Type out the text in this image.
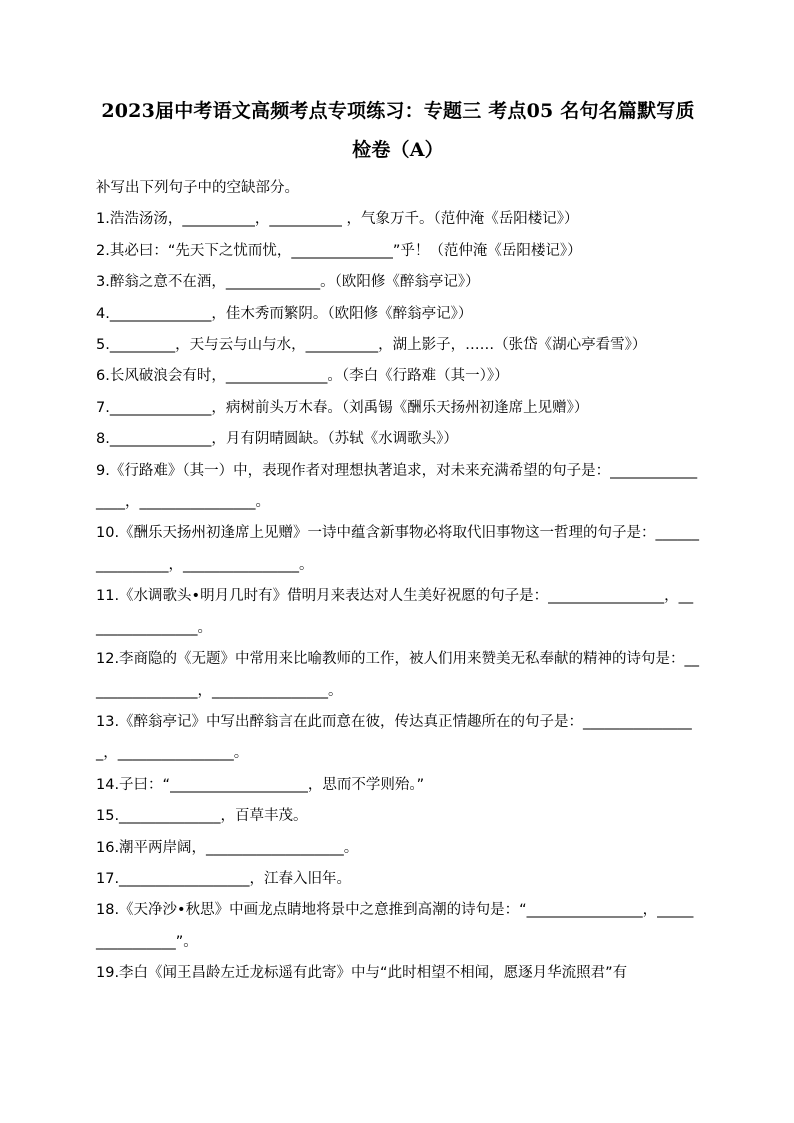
2023届中考语文高频考点专项练习：专题三 考点05 名句名篇默写质
检卷（A）

补写出下列句子中的空缺部分。

1.浩浩汤汤，__________，__________ ，气象万千。（范仲淹《岳阳楼记》）

2.其必曰：“先天下之忧而忧，______________”乎！（范仲淹《岳阳楼记》）

3.醉翁之意不在酒，_____________。（欧阳修《醉翁亭记》）

4.______________，佳木秀而繁阴。（欧阳修《醉翁亭记》）

5._________，天与云与山与水，__________，湖上影子，……（张岱《湖心亭看雪》）

6.长风破浪会有时，______________。（李白《行路难（其一）》）

7.______________，病树前头万木春。（刘禹锡《酬乐天扬州初逢席上见赠》）

8.______________，月有阴晴圆缺。（苏轼《水调歌头》）

9.《行路难》（其一）中，表现作者对理想执著追求，对未来充满希望的句子是：________________，________________。

10.《酬乐天扬州初逢席上见赠》一诗中蕴含新事物必将取代旧事物这一哲理的句子是：________________，________________。

11.《水调歌头•明月几时有》借明月来表达对人生美好祝愿的句子是：________________，________________。

12.李商隐的《无题》中常用来比喻教师的工作，被人们用来赞美无私奉献的精神的诗句是：________________，________________。

13.《醉翁亭记》中写出醉翁言在此而意在彼，传达真正情趣所在的句子是：________________，________________。

14.子曰：“___________________，思而不学则殆。”

15.______________，百草丰茂。

16.潮平两岸阔，___________________。

17.__________________，江春入旧年。

18.《天净沙•秋思》中画龙点睛地将景中之意推到高潮的诗句是：“________________，________________”。

19.李白《闻王昌龄左迁龙标遥有此寄》中与“此时相望不相闻，愿逐月华流照君”有
